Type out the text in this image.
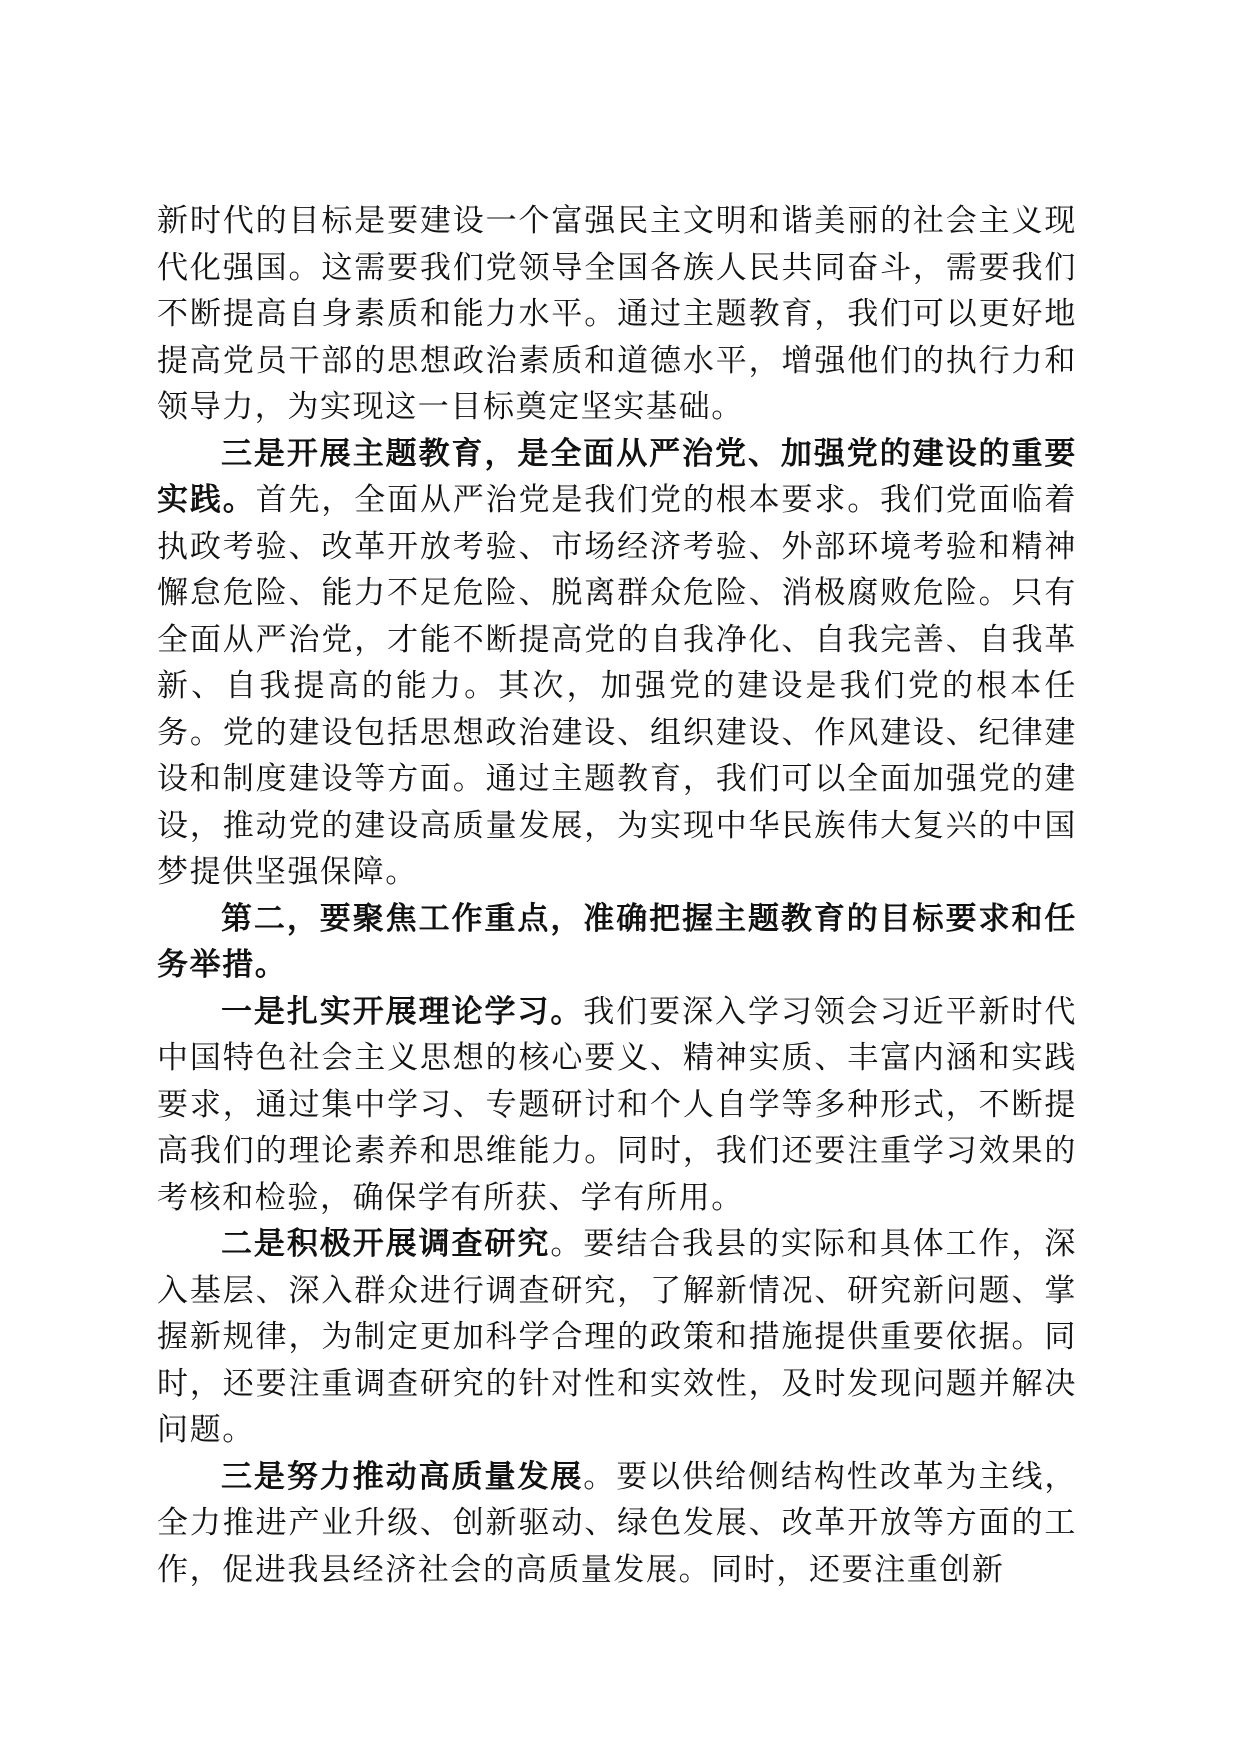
新时代的目标是要建设一个富强民主文明和谐美丽的社会主义现代化强国。这需要我们党领导全国各族人民共同奋斗，需要我们不断提高自身素质和能力水平。通过主题教育，我们可以更好地提高党员干部的思想政治素质和道德水平，增强他们的执行力和领导力，为实现这一目标奠定坚实基础。

三是开展主题教育，是全面从严治党、加强党的建设的重要实践。首先，全面从严治党是我们党的根本要求。我们党面临着执政考验、改革开放考验、市场经济考验、外部环境考验和精神懈怠危险、能力不足危险、脱离群众危险、消极腐败危险。只有全面从严治党，才能不断提高党的自我净化、自我完善、自我革新、自我提高的能力。其次，加强党的建设是我们党的根本任务。党的建设包括思想政治建设、组织建设、作风建设、纪律建设和制度建设等方面。通过主题教育，我们可以全面加强党的建设，推动党的建设高质量发展，为实现中华民族伟大复兴的中国梦提供坚强保障。

第二，要聚焦工作重点，准确把握主题教育的目标要求和任务举措。

一是扎实开展理论学习。我们要深入学习领会习近平新时代中国特色社会主义思想的核心要义、精神实质、丰富内涵和实践要求，通过集中学习、专题研讨和个人自学等多种形式，不断提高我们的理论素养和思维能力。同时，我们还要注重学习效果的考核和检验，确保学有所获、学有所用。

二是积极开展调查研究。要结合我县的实际和具体工作，深入基层、深入群众进行调查研究，了解新情况、研究新问题、掌握新规律，为制定更加科学合理的政策和措施提供重要依据。同时，还要注重调查研究的针对性和实效性，及时发现问题并解决问题。

三是努力推动高质量发展。要以供给侧结构性改革为主线，全力推进产业升级、创新驱动、绿色发展、改革开放等方面的工作，促进我县经济社会的高质量发展。同时，还要注重创新
